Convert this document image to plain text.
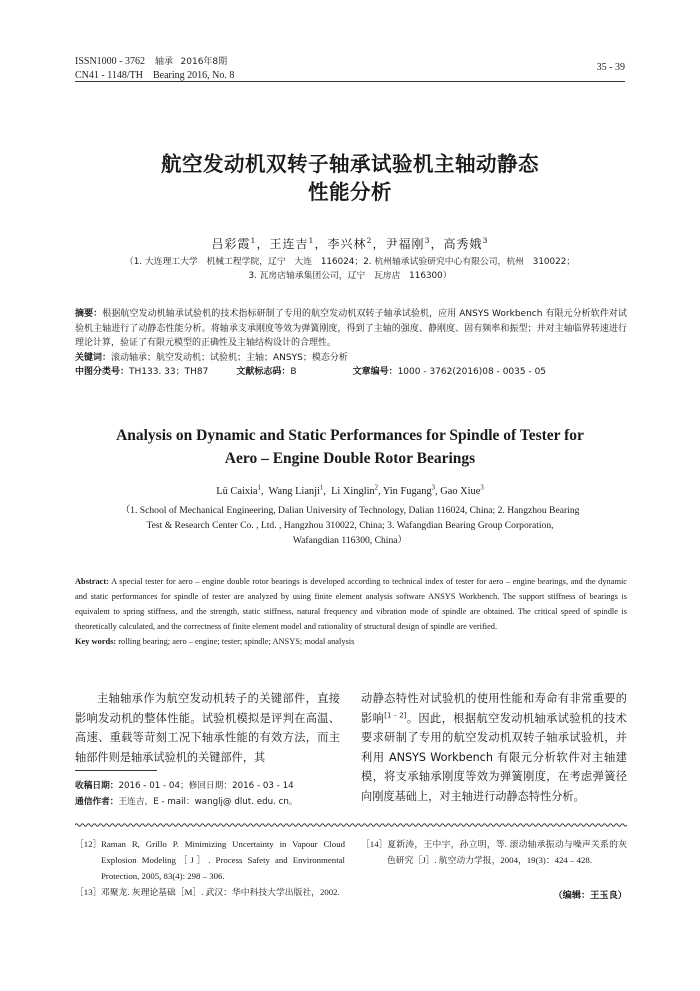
ISSN1000 - 3762 轴承 2016年8期
CN41 - 1148/TH Bearing 2016, No. 8
35 - 39
航空发动机双转子轴承试验机主轴动静态
性能分析
吕彩霞$^1$，王连吉$^1$，李兴林$^2$，尹福刚$^3$，高秀娥$^3$
（1. 大连理工大学　机械工程学院，辽宁　大连　116024；2. 杭州轴承试验研究中心有限公司，杭州　310022；
3. 瓦房店轴承集团公司，辽宁　瓦房店　116300）
摘要：根据航空发动机轴承试验机的技术指标研制了专用的航空发动机双转子轴承试验机，应用 ANSYS Workbench 有限元分析软件对试验机主轴进行了动静态性能分析。将轴承支承刚度等效为弹簧刚度，得到了主轴的强度、静刚度、固有频率和振型；并对主轴临界转速进行理论计算，验证了有限元模型的正确性及主轴结构设计的合理性。
关键词：滚动轴承；航空发动机；试验机；主轴；ANSYS；模态分析
中图分类号：TH133. 33；TH87	文献标志码：B	文章编号：1000 - 3762(2016)08 - 0035 - 05
Analysis on Dynamic and Static Performances for Spindle of Tester for
Aero – Engine Double Rotor Bearings
Lü Caixia$^1$,  Wang Lianji$^1$,  Li Xinglin$^2$, Yin Fugang$^3$, Gao Xiue$^3$
（1. School of Mechanical Engineering, Dalian University of Technology, Dalian 116024, China; 2. Hangzhou Bearing
Test & Research Center Co. , Ltd. , Hangzhou 310022, China; 3. Wafangdian Bearing Group Corporation,
Wafangdian 116300, China）
Abstract: A special tester for aero – engine double rotor bearings is developed according to technical index of tester for aero – engine bearings, and the dynamic and static performances for spindle of tester are analyzed by using finite element analysis software ANSYS Workbench. The support stiffness of bearings is equivalent to spring stiffness, and the strength, static stiffness, natural frequency and vibration mode of spindle are obtained. The critical speed of spindle is theoretically calculated, and the correctness of finite element model and rationality of structural design of spindle are verified.
Key words: rolling bearing; aero – engine; tester; spindle; ANSYS; modal analysis
主轴轴承作为航空发动机转子的关键部件，直接影响发动机的整体性能。试验机模拟是评判在高温、高速、重载等苛刻工况下轴承性能的有效方法，而主轴部件则是轴承试验机的关键部件，其
收稿日期：2016 - 01 - 04；修回日期：2016 - 03 - 14
通信作者：王连吉，E - mail：wanglj@ dlut. edu. cn。
动静态特性对试验机的使用性能和寿命有非常重要的影响[1 - 2]。因此，根据航空发动机轴承试验机的技术要求研制了专用的航空发动机双转子轴承试验机，并利用 ANSYS Workbench 有限元分析软件对主轴建模，将支承轴承刚度等效为弹簧刚度，在考虑弹簧径向刚度基础上，对主轴进行动静态特性分析。
［12］Raman R, Grillo P. Minimizing Uncertainty in Vapour Cloud Explosion Modeling［J］. Process Safety and Environmental Protection, 2005, 83(4): 298 – 306.
［13］邓聚龙. 灰理论基础［M］. 武汉：华中科技大学出版社，2002.
［14］夏新涛，王中宇，孙立明，等. 滚动轴承振动与噪声关系的灰色研究［J］. 航空动力学报，2004，19(3)：424 – 428.
（编辑：王玉良）
